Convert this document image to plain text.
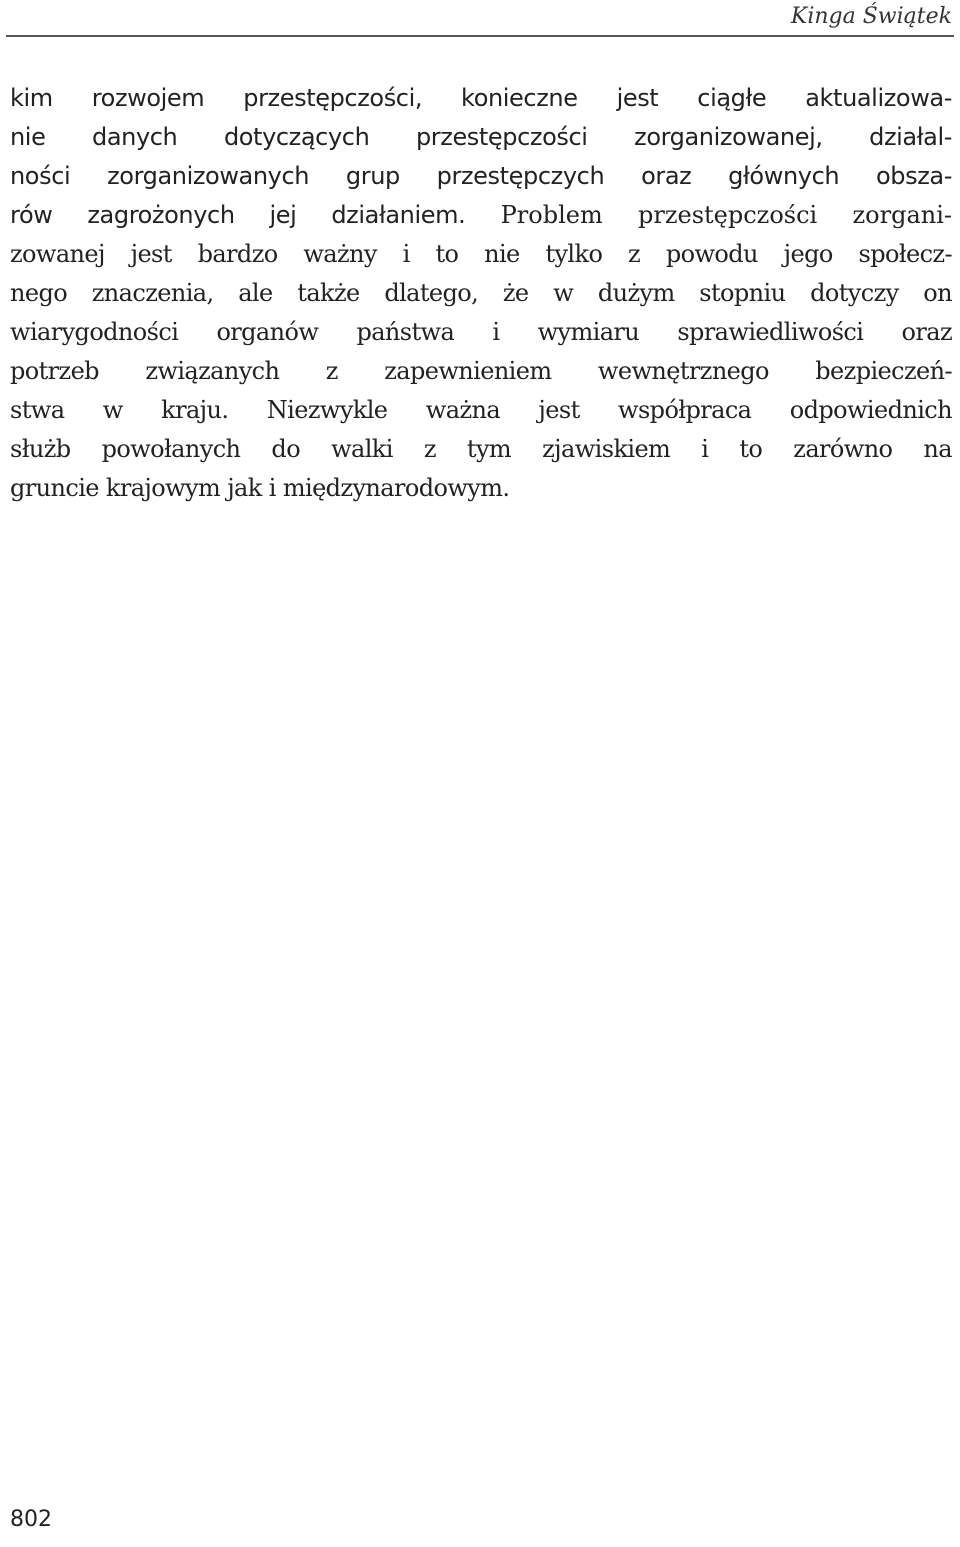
Kinga Świątek
kim rozwojem przestępczości, konieczne jest ciągłe aktualizowa-
nie danych dotyczących przestępczości zorganizowanej, działal-
ności zorganizowanych grup przestępczych oraz głównych obsza-
rów zagrożonych jej działaniem. Problem przestępczości zorgani-
zowanej jest bardzo ważny i to nie tylko z powodu jego społecz-
nego znaczenia, ale także dlatego, że w dużym stopniu dotyczy on
wiarygodności organów państwa i wymiaru sprawiedliwości oraz
potrzeb związanych z zapewnieniem wewnętrznego bezpieczeń-
stwa w kraju. Niezwykle ważna jest współpraca odpowiednich
służb powołanych do walki z tym zjawiskiem i to zarówno na
gruncie krajowym jak i międzynarodowym.
802
